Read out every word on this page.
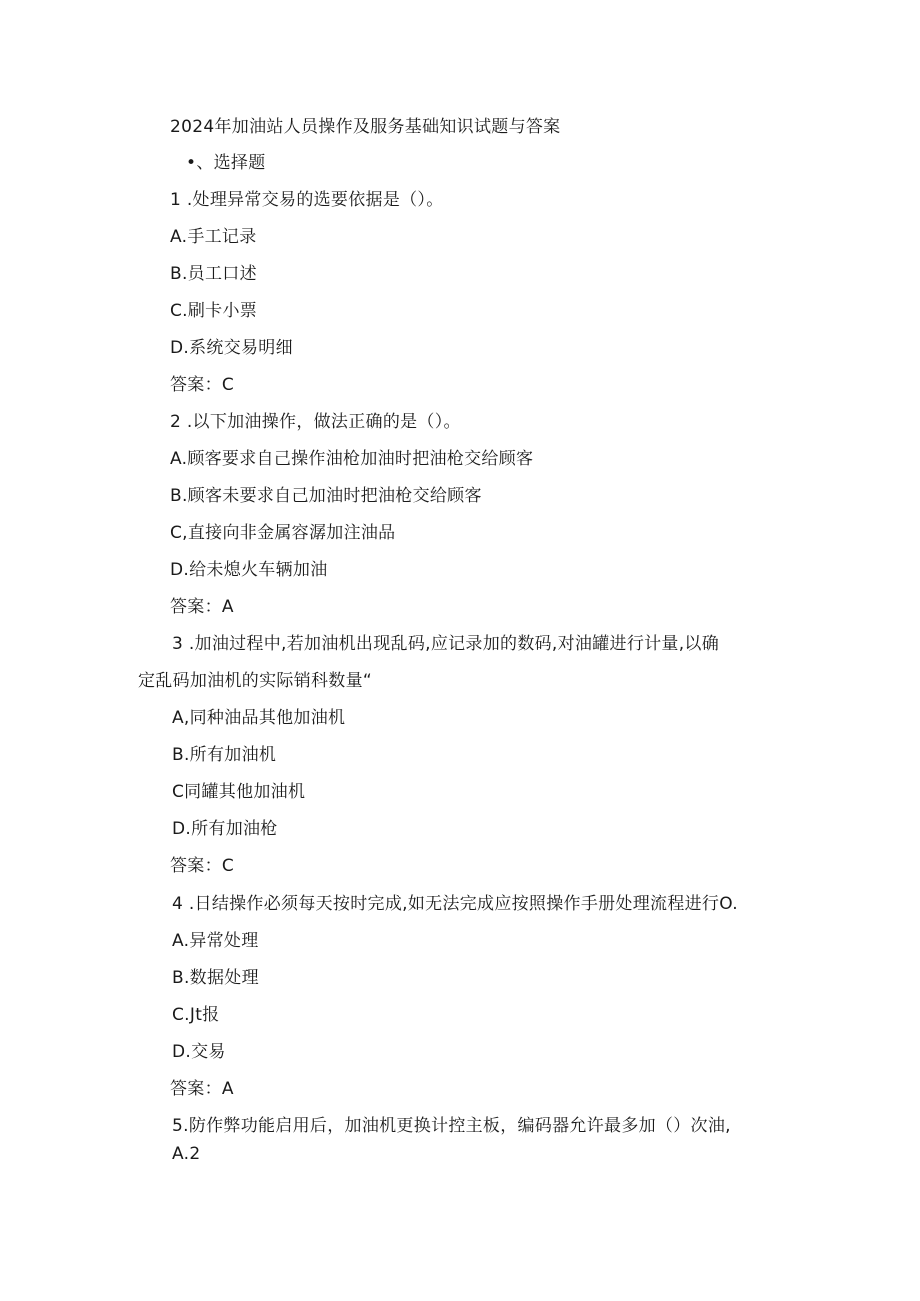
2024年加油站人员操作及服务基础知识试题与答案
•、选择题
1 .处理异常交易的选要依据是（）。
A.手工记录
B.员工口述
C.刷卡小票
D.系统交易明细
答案：C
2 .以下加油操作，做法正确的是（）。
A.顾客要求自己操作油枪加油时把油枪交给顾客
B.顾客未要求自己加油时把油枪交给顾客
C,直接向非金属容潺加注油品
D.给未熄火车辆加油
答案：A
3 .加油过程中,若加油机出现乱码,应记录加的数码,对油罐进行计量,以确
定乱码加油机的实际销科数量“
A,同种油品其他加油机
B.所有加油机
C同罐其他加油机
D.所有加油枪
答案：C
4 .日结操作必须每天按时完成,如无法完成应按照操作手册处理流程进行O.
A.异常处理
B.数据处理
C.Jt报
D.交易
答案：A
5.防作弊功能启用后，加油机更换计控主板，编码器允许最多加（）次油,
A.2
